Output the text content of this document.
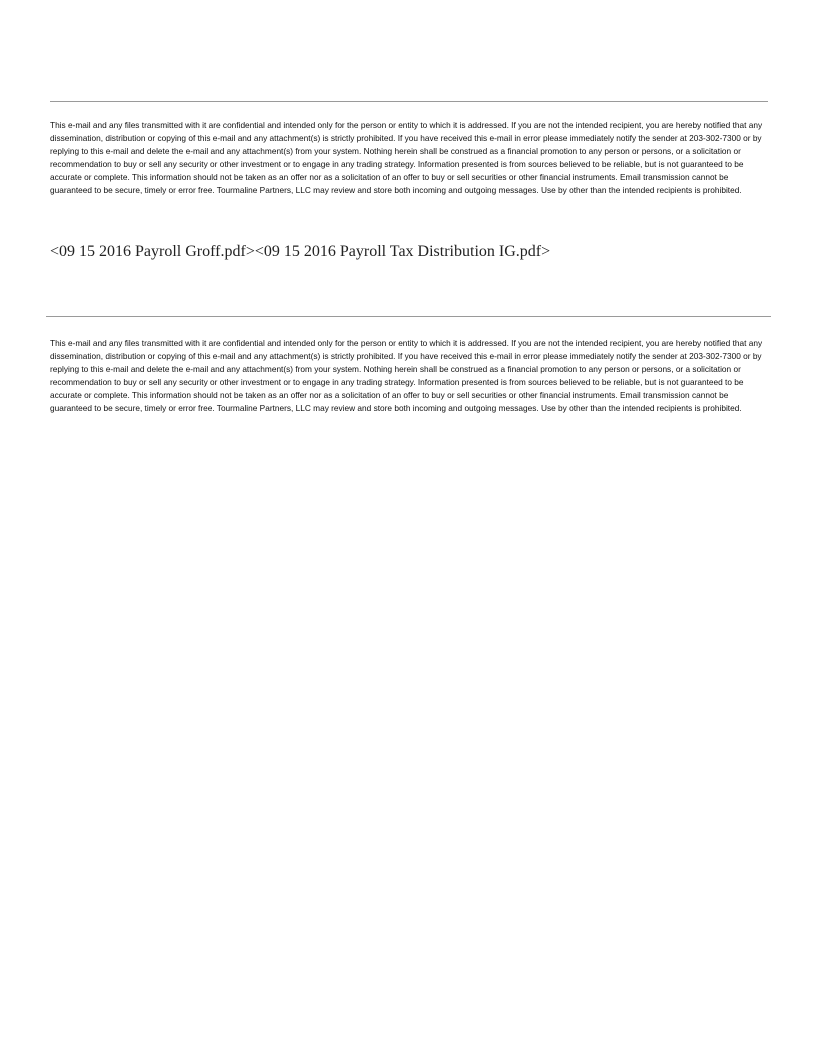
This e-mail and any files transmitted with it are confidential and intended only for the person or entity to which it is addressed. If you are not the intended recipient, you are hereby notified that any dissemination, distribution or copying of this e-mail and any attachment(s) is strictly prohibited. If you have received this e-mail in error please immediately notify the sender at 203-302-7300 or by replying to this e-mail and delete the e-mail and any attachment(s) from your system. Nothing herein shall be construed as a financial promotion to any person or persons, or a solicitation or recommendation to buy or sell any security or other investment or to engage in any trading strategy. Information presented is from sources believed to be reliable, but is not guaranteed to be accurate or complete. This information should not be taken as an offer nor as a solicitation of an offer to buy or sell securities or other financial instruments. Email transmission cannot be guaranteed to be secure, timely or error free. Tourmaline Partners, LLC may review and store both incoming and outgoing messages. Use by other than the intended recipients is prohibited.

<09 15 2016 Payroll Groff.pdf><09 15 2016 Payroll Tax Distribution IG.pdf>

This e-mail and any files transmitted with it are confidential and intended only for the person or entity to which it is addressed. If you are not the intended recipient, you are hereby notified that any dissemination, distribution or copying of this e-mail and any attachment(s) is strictly prohibited. If you have received this e-mail in error please immediately notify the sender at 203-302-7300 or by replying to this e-mail and delete the e-mail and any attachment(s) from your system. Nothing herein shall be construed as a financial promotion to any person or persons, or a solicitation or recommendation to buy or sell any security or other investment or to engage in any trading strategy. Information presented is from sources believed to be reliable, but is not guaranteed to be accurate or complete. This information should not be taken as an offer nor as a solicitation of an offer to buy or sell securities or other financial instruments. Email transmission cannot be guaranteed to be secure, timely or error free. Tourmaline Partners, LLC may review and store both incoming and outgoing messages. Use by other than the intended recipients is prohibited.
